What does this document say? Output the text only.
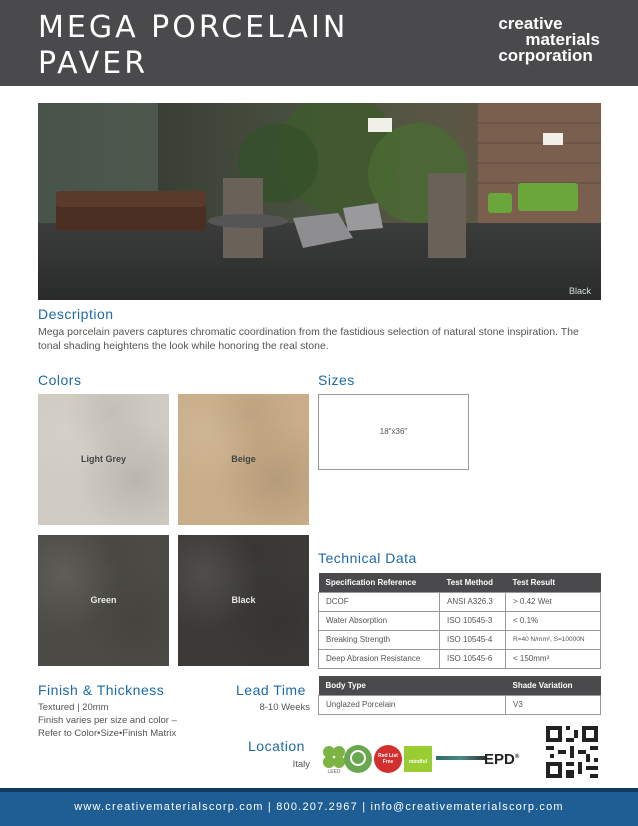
MEGA PORCELAIN
PAVER
creative
materials
corporation
Black
Description
Mega porcelain pavers captures chromatic coordination from the fastidious selection of natural stone inspiration. The tonal shading heightens the look while honoring the real stone.
Colors
Light Grey	Beige
Green	Black
Sizes
18"x36"
Technical Data
Specification Reference	Test Method	Test Result
DCOF	ANSI A326.3	> 0.42 Wet
Water Absorption	ISO 10545-3	< 0.1%
Breaking Strength	ISO 10545-4	R=40 N/mm², S=10000N
Deep Abrasion Resistance	ISO 10545-6	< 150mm³
Body Type	Shade Variation
Unglazed Porcelain	V3
Finish & Thickness
Textured | 20mm
Finish varies per size and color –
Refer to Color•Size•Finish Matrix
Lead Time
8-10 Weeks
Location
Italy
LEED
Red List
Free	mindful	EPD®
www.creativematerialscorp.com | 800.207.2967 | info@creativematerialscorp.com
